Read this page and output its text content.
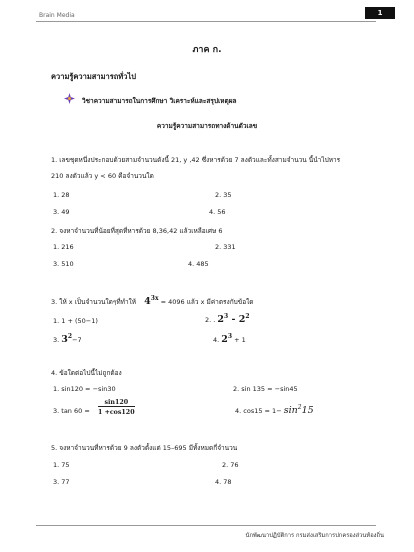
Brain Media	1
ภาค ก.
ความรู้ความสามารถทั่วไป
วิชาความสามารถในการศึกษา วิเคราะห์และสรุปเหตุผล
ความรู้ความสามารถทางด้านตัวเลข
1. เลขชุดหนึ่งประกอบด้วยสามจำนวนดังนี้ 21, y ,42 ซึ่งหารด้วย 7 ลงตัวและทั้งสามจำนวน นี้นำไปหาร
210 ลงตัวแล้ว y < 60 คือจำนวนใด
1. 28	2. 35
3. 49	4. 56
2. จงหาจำนวนที่น้อยที่สุดที่หารด้วย 8,36,42 แล้วเหลือเศษ 6
1. 216	2. 331
3. 510	4. 485
3. ให้ x เป็นจำนวนใดๆที่ทำให้ $4^{3x} = 4096$ แล้ว x มีค่าตรงกับข้อใด
1. 1 + (50−1)	2. . $2^3 - 2^2$
3. $3^2-7$	4. $2^3 + 1$
4. ข้อใดต่อไปนี้ไม่ถูกต้อง
1. sin120 = −sin30	2. sin 135 = −sin45
3. $\tan 60 = \frac{\sin 120}{1 +\cos 120}$	4. $\cos 15 = 1- \sin^215$
5. จงหาจำนวนที่หารด้วย 9 ลงตัวตั้งแต่ 15–695 มีทั้งหมดกี่จำนวน
1. 75	2. 76
3. 77	4. 78
นักพัฒนาปฏิบัติการ กรมส่งเสริมการปกครองส่วนท้องถิ่น
